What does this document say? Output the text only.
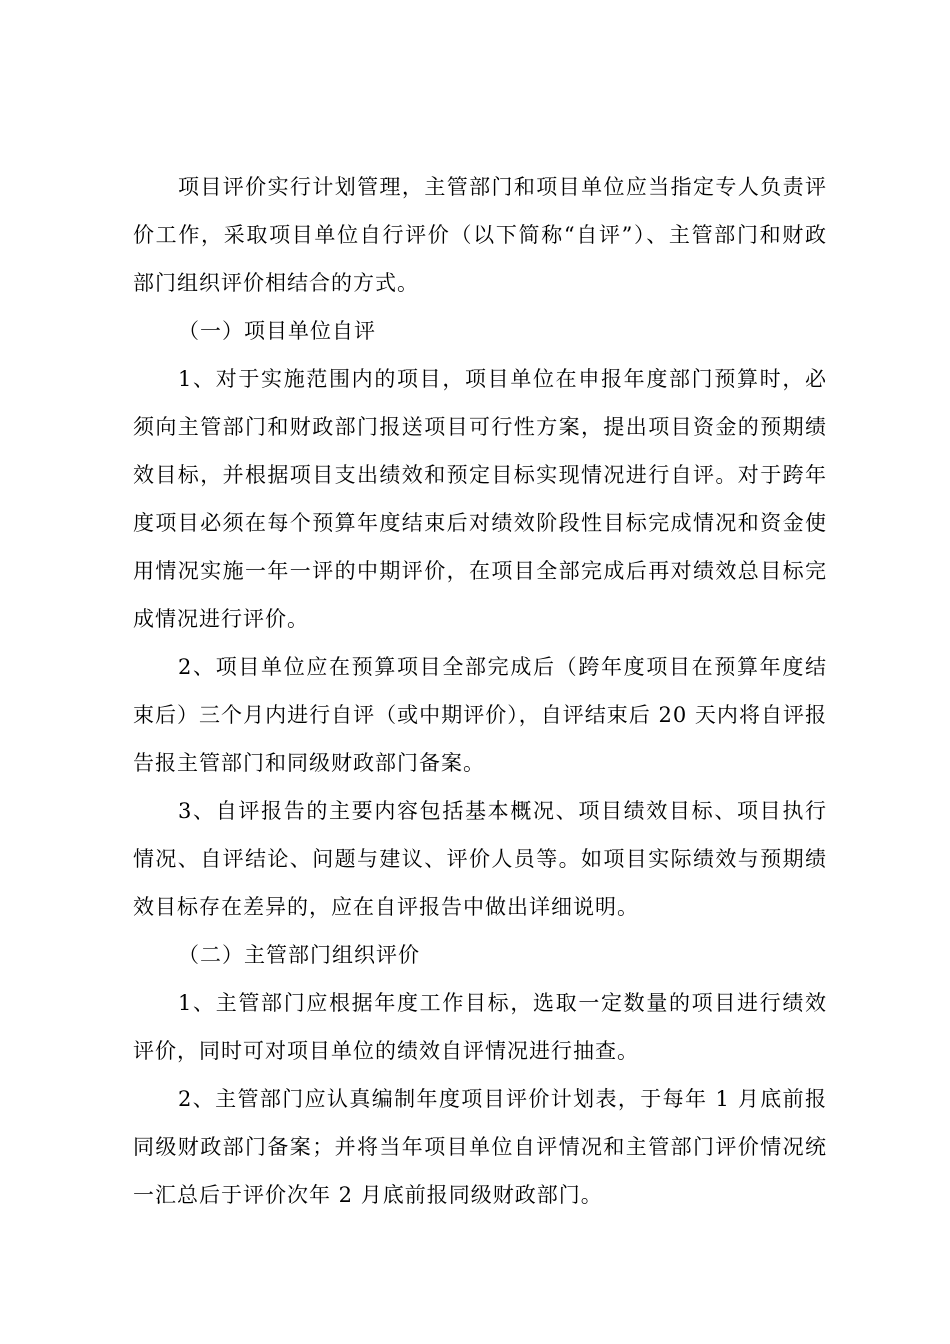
项目评价实行计划管理，主管部门和项目单位应当指定专人负责评价工作，采取项目单位自行评价（以下简称“自评”）、主管部门和财政部门组织评价相结合的方式。

（一）项目单位自评

1、对于实施范围内的项目，项目单位在申报年度部门预算时，必须向主管部门和财政部门报送项目可行性方案，提出项目资金的预期绩效目标，并根据项目支出绩效和预定目标实现情况进行自评。对于跨年度项目必须在每个预算年度结束后对绩效阶段性目标完成情况和资金使用情况实施一年一评的中期评价，在项目全部完成后再对绩效总目标完成情况进行评价。

2、项目单位应在预算项目全部完成后（跨年度项目在预算年度结束后）三个月内进行自评（或中期评价），自评结束后 20 天内将自评报告报主管部门和同级财政部门备案。

3、自评报告的主要内容包括基本概况、项目绩效目标、项目执行情况、自评结论、问题与建议、评价人员等。如项目实际绩效与预期绩效目标存在差异的，应在自评报告中做出详细说明。

（二）主管部门组织评价

1、主管部门应根据年度工作目标，选取一定数量的项目进行绩效评价，同时可对项目单位的绩效自评情况进行抽查。

2、主管部门应认真编制年度项目评价计划表，于每年 1 月底前报同级财政部门备案；并将当年项目单位自评情况和主管部门评价情况统一汇总后于评价次年 2 月底前报同级财政部门。
